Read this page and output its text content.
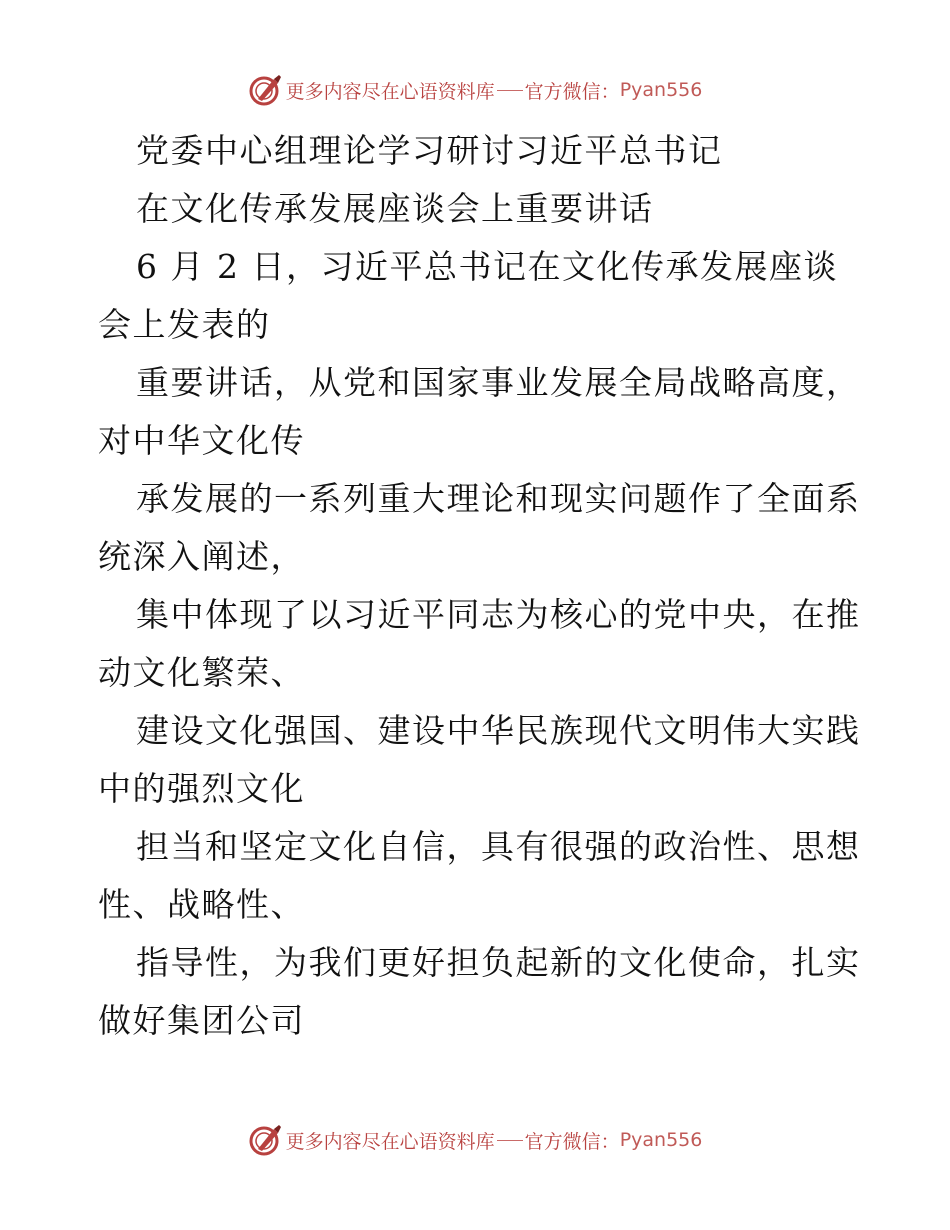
更多内容尽在心语资料库 官方微信： Pyan556
党委中心组理论学习研讨习近平总书记
在文化传承发展座谈会上重要讲话
6 月 2 日，习近平总书记在文化传承发展座谈
会上发表的
重要讲话，从党和国家事业发展全局战略高度，
对中华文化传
承发展的一系列重大理论和现实问题作了全面系
统深入阐述，
集中体现了以习近平同志为核心的党中央，在推
动文化繁荣、
建设文化强国、建设中华民族现代文明伟大实践
中的强烈文化
担当和坚定文化自信，具有很强的政治性、思想
性、战略性、
指导性，为我们更好担负起新的文化使命，扎实
做好集团公司
更多内容尽在心语资料库 官方微信： Pyan556
